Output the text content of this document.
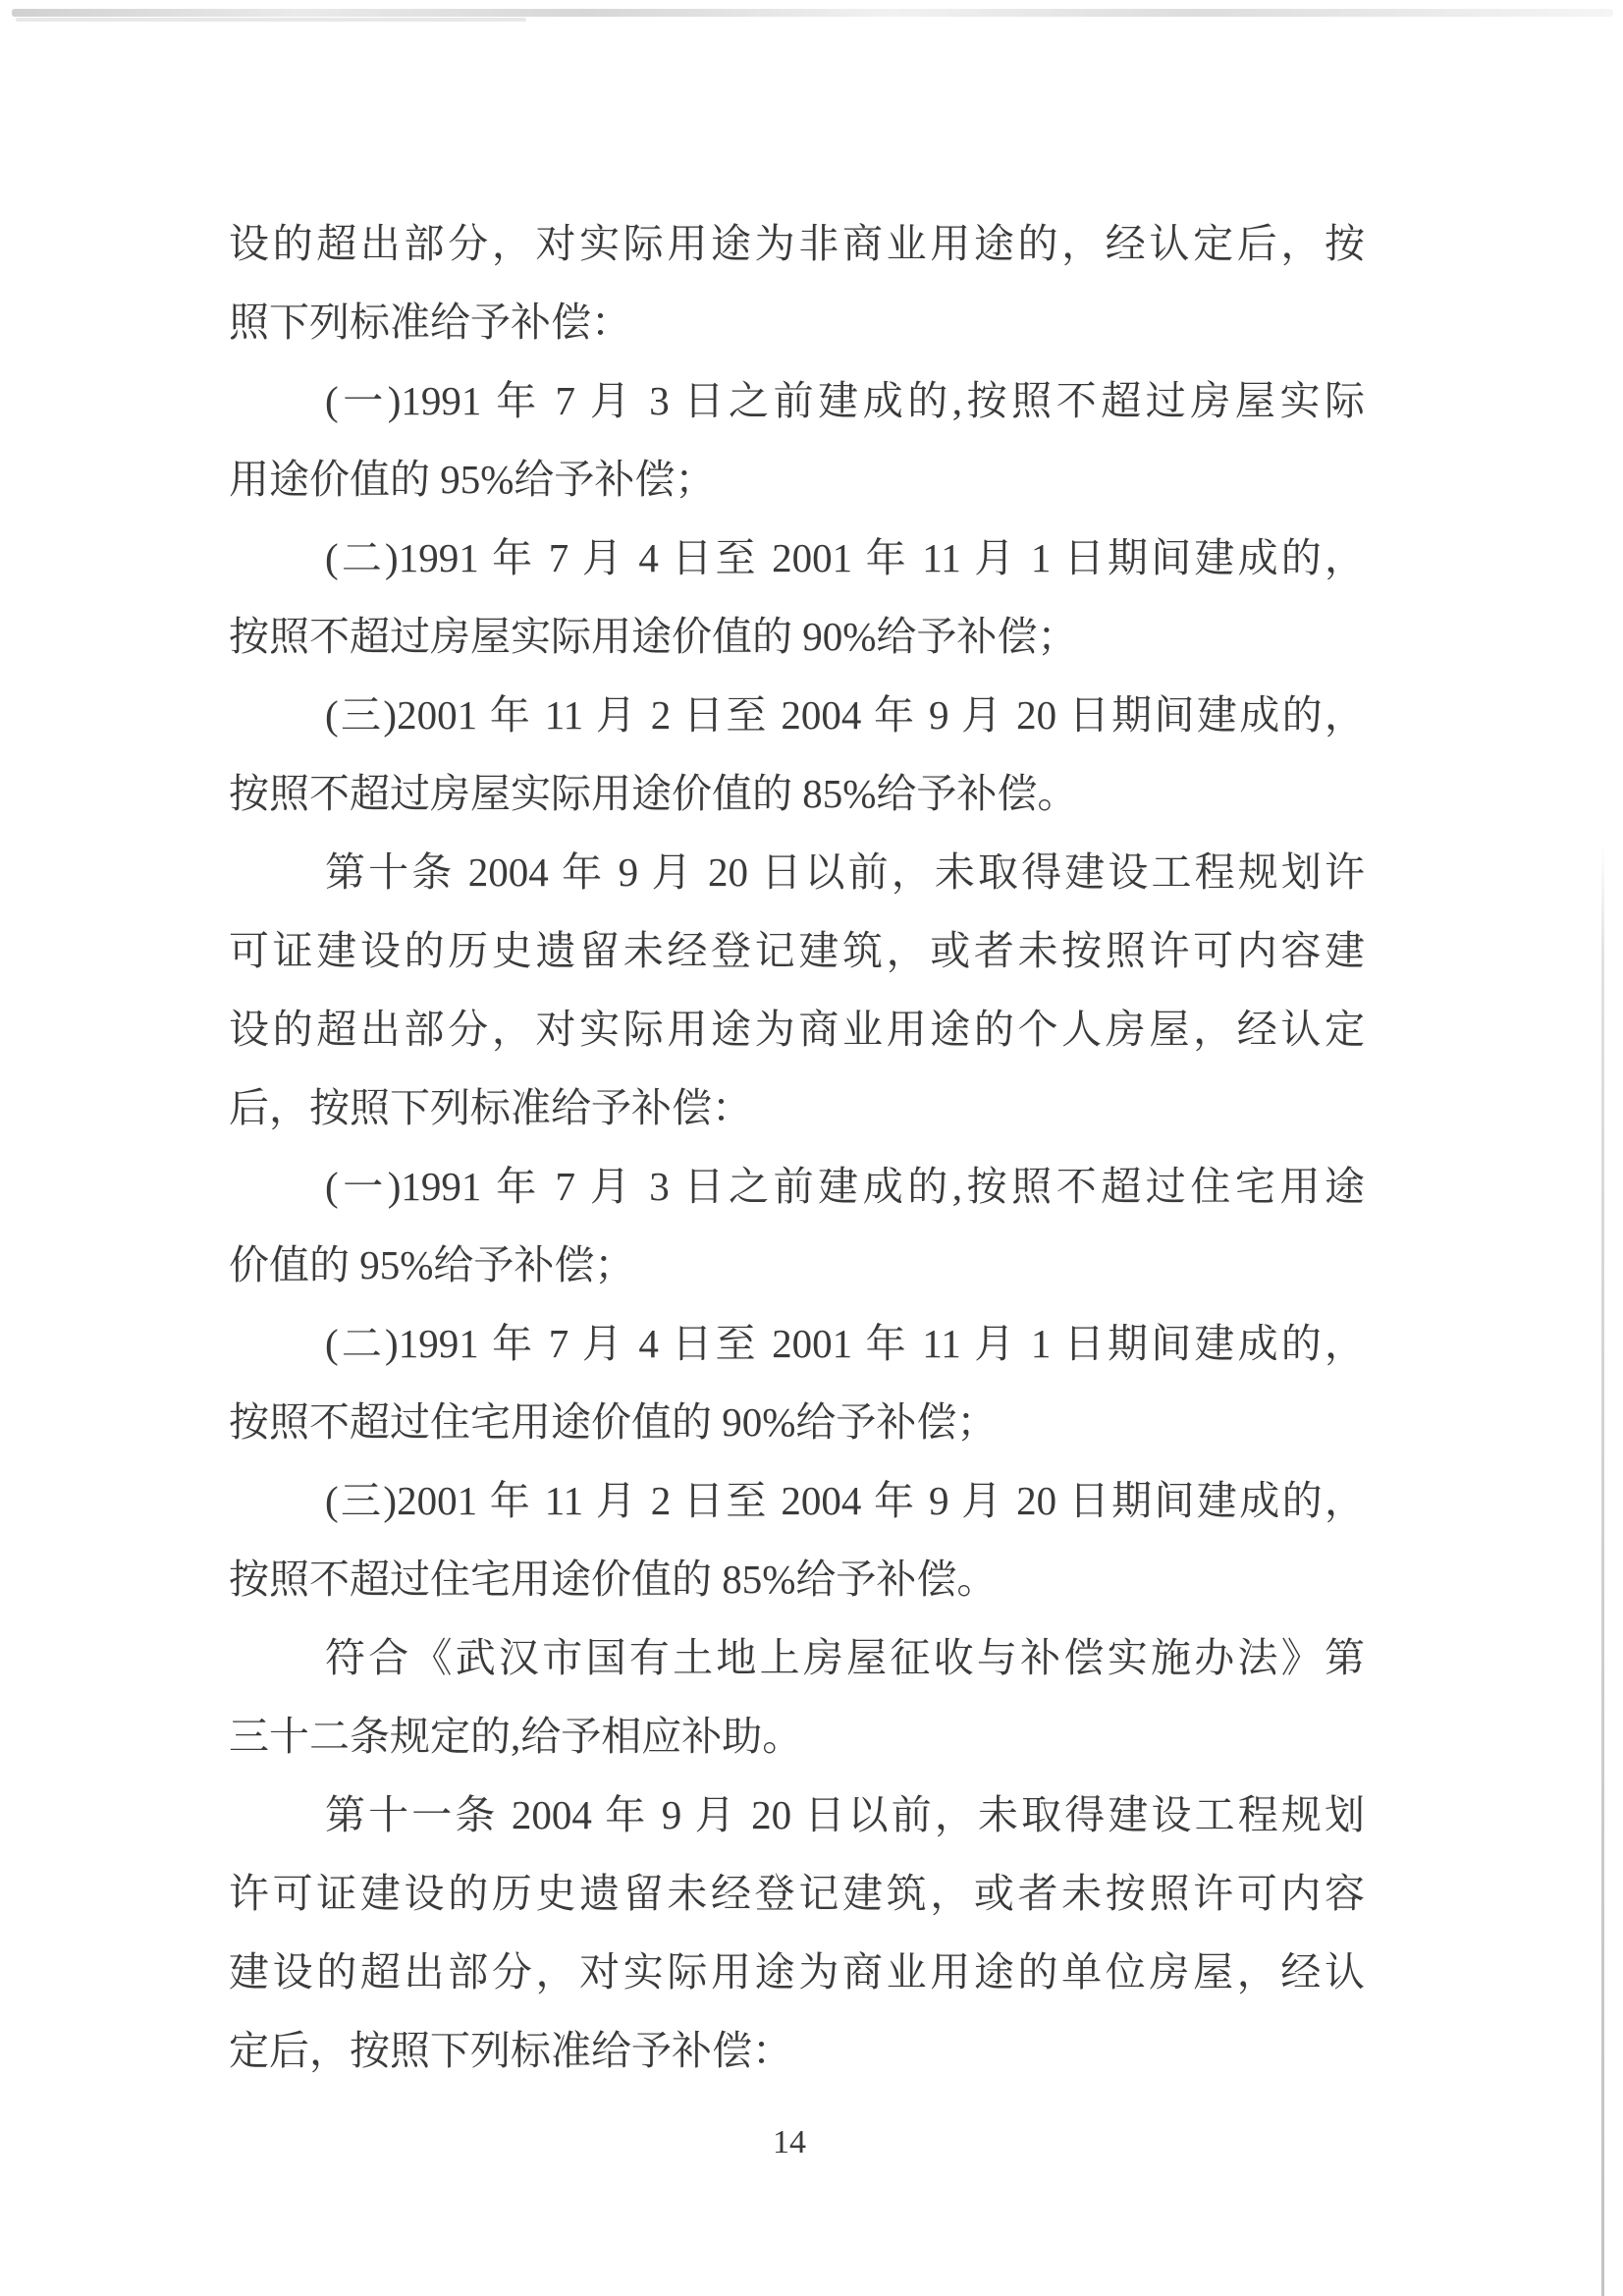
设的超出部分，对实际用途为非商业用途的，经认定后，按
照下列标准给予补偿：
(一)1991 年 7 月 3 日之前建成的,按照不超过房屋实际
用途价值的 95%给予补偿；
(二)1991 年 7 月 4 日至 2001 年 11 月 1 日期间建成的，
按照不超过房屋实际用途价值的 90%给予补偿；
(三)2001 年 11 月 2 日至 2004 年 9 月 20 日期间建成的，
按照不超过房屋实际用途价值的 85%给予补偿。
第十条 2004 年 9 月 20 日以前，未取得建设工程规划许
可证建设的历史遗留未经登记建筑，或者未按照许可内容建
设的超出部分，对实际用途为商业用途的个人房屋，经认定
后，按照下列标准给予补偿：
(一)1991 年 7 月 3 日之前建成的,按照不超过住宅用途
价值的 95%给予补偿；
(二)1991 年 7 月 4 日至 2001 年 11 月 1 日期间建成的，
按照不超过住宅用途价值的 90%给予补偿；
(三)2001 年 11 月 2 日至 2004 年 9 月 20 日期间建成的，
按照不超过住宅用途价值的 85%给予补偿。
符合《武汉市国有土地上房屋征收与补偿实施办法》第
三十二条规定的,给予相应补助。
第十一条 2004 年 9 月 20 日以前，未取得建设工程规划
许可证建设的历史遗留未经登记建筑，或者未按照许可内容
建设的超出部分，对实际用途为商业用途的单位房屋，经认
定后，按照下列标准给予补偿：
14
